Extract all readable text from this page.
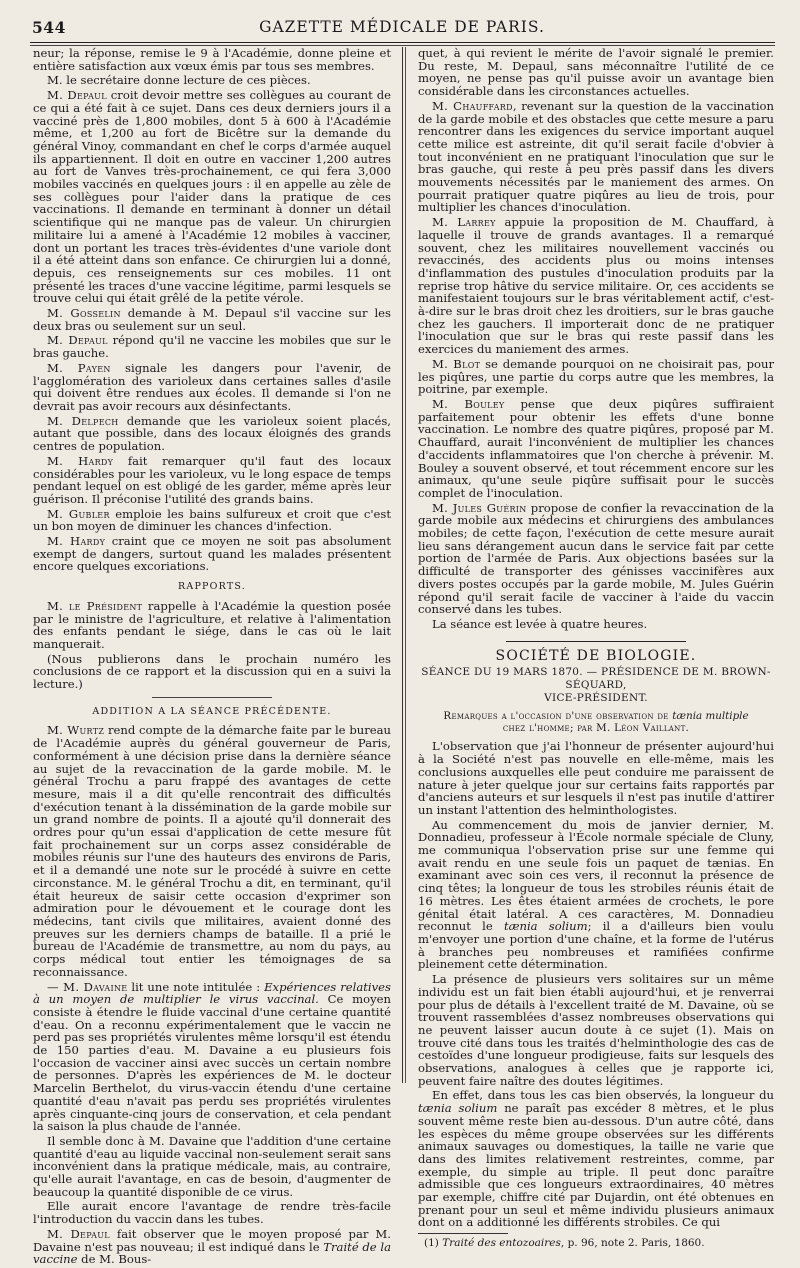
544	GAZETTE MÉDICALE DE PARIS.

neur; la réponse, remise le 9 à l'Académie, donne pleine et entière satisfaction aux vœux émis par tous ses membres.

M. le secrétaire donne lecture de ces pièces.

M. Depaul croit devoir mettre ses collègues au courant de ce qui a été fait à ce sujet. Dans ces deux derniers jours il a vacciné près de 1,800 mobiles, dont 5 à 600 à l'Académie même, et 1,200 au fort de Bicêtre sur la demande du général Vinoy, commandant en chef le corps d'armée auquel ils appartiennent. Il doit en outre en vacciner 1,200 autres au fort de Vanves très-prochainement, ce qui fera 3,000 mobiles vaccinés en quelques jours : il en appelle au zèle de ses collègues pour l'aider dans la pratique de ces vaccinations. Il demande en terminant à donner un détail scientifique qui ne manque pas de valeur. Un chirurgien militaire lui a amené à l'Académie 12 mobiles à vacciner, dont un portant les traces très-évidentes d'une variole dont il a été atteint dans son enfance. Ce chirurgien lui a donné, depuis, ces renseignements sur ces mobiles. 11 ont présenté les traces d'une vaccine légitime, parmi lesquels se trouve celui qui était grêlé de la petite vérole.

M. Gosselin demande à M. Depaul s'il vaccine sur les deux bras ou seulement sur un seul.

M. Depaul répond qu'il ne vaccine les mobiles que sur le bras gauche.

M. Payen signale les dangers pour l'avenir, de l'agglomération des varioleux dans certaines salles d'asile qui doivent être rendues aux écoles. Il demande si l'on ne devrait pas avoir recours aux désinfectants.

M. Delpech demande que les varioleux soient placés, autant que possible, dans des locaux éloignés des grands centres de population.

M. Hardy fait remarquer qu'il faut des locaux considérables pour les varioleux, vu le long espace de temps pendant lequel on est obligé de les garder, même après leur guérison. Il préconise l'utilité des grands bains.

M. Gubler emploie les bains sulfureux et croit que c'est un bon moyen de diminuer les chances d'infection.

M. Hardy craint que ce moyen ne soit pas absolument exempt de dangers, surtout quand les malades présentent encore quelques excoriations.

RAPPORTS.

M. le Président rappelle à l'Académie la question posée par le ministre de l'agriculture, et relative à l'alimentation des enfants pendant le siége, dans le cas où le lait manquerait.

(Nous publierons dans le prochain numéro les conclusions de ce rapport et la discussion qui en a suivi la lecture.)

ADDITION A LA SÉANCE PRÉCÉDENTE.

M. Wurtz rend compte de la démarche faite par le bureau de l'Académie auprès du général gouverneur de Paris, conformément à une décision prise dans la dernière séance au sujet de la revaccination de la garde mobile. M. le général Trochu a paru frappé des avantages de cette mesure, mais il a dit qu'elle rencontrait des difficultés d'exécution tenant à la dissémination de la garde mobile sur un grand nombre de points. Il a ajouté qu'il donnerait des ordres pour qu'un essai d'application de cette mesure fût fait prochainement sur un corps assez considérable de mobiles réunis sur l'une des hauteurs des environs de Paris, et il a demandé une note sur le procédé à suivre en cette circonstance. M. le général Trochu a dit, en terminant, qu'il était heureux de saisir cette occasion d'exprimer son admiration pour le dévouement et le courage dont les médecins, tant civils que militaires, avaient donné des preuves sur les derniers champs de bataille. Il a prié le bureau de l'Académie de transmettre, au nom du pays, au corps médical tout entier les témoignages de sa reconnaissance.

— M. Davaine lit une note intitulée : Expériences relatives à un moyen de multiplier le virus vaccinal. Ce moyen consiste à étendre le fluide vaccinal d'une certaine quantité d'eau. On a reconnu expérimentalement que le vaccin ne perd pas ses propriétés virulentes même lorsqu'il est étendu de 150 parties d'eau. M. Davaine a eu plusieurs fois l'occasion de vacciner ainsi avec succès un certain nombre de personnes. D'après les expériences de M. le docteur Marcelin Berthelot, du virus-vaccin étendu d'une certaine quantité d'eau n'avait pas perdu ses propriétés virulentes après cinquante-cinq jours de conservation, et cela pendant la saison la plus chaude de l'année.

Il semble donc à M. Davaine que l'addition d'une certaine quantité d'eau au liquide vaccinal non-seulement serait sans inconvénient dans la pratique médicale, mais, au contraire, qu'elle aurait l'avantage, en cas de besoin, d'augmenter de beaucoup la quantité disponible de ce virus.

Elle aurait encore l'avantage de rendre très-facile l'introduction du vaccin dans les tubes.

M. Depaul fait observer que le moyen proposé par M. Davaine n'est pas nouveau; il est indiqué dans le Traité de la vaccine de M. Bous-

quet, à qui revient le mérite de l'avoir signalé le premier. Du reste, M. Depaul, sans méconnaître l'utilité de ce moyen, ne pense pas qu'il puisse avoir un avantage bien considérable dans les circonstances actuelles.

M. Chauffard, revenant sur la question de la vaccination de la garde mobile et des obstacles que cette mesure a paru rencontrer dans les exigences du service important auquel cette milice est astreinte, dit qu'il serait facile d'obvier à tout inconvénient en ne pratiquant l'inoculation que sur le bras gauche, qui reste à peu près passif dans les divers mouvements nécessités par le maniement des armes. On pourrait pratiquer quatre piqûres au lieu de trois, pour multiplier les chances d'inoculation.

M. Larrey appuie la proposition de M. Chauffard, à laquelle il trouve de grands avantages. Il a remarqué souvent, chez les militaires nouvellement vaccinés ou revaccinés, des accidents plus ou moins intenses d'inflammation des pustules d'inoculation produits par la reprise trop hâtive du service militaire. Or, ces accidents se manifestaient toujours sur le bras véritablement actif, c'est-à-dire sur le bras droit chez les droitiers, sur le bras gauche chez les gauchers. Il importerait donc de ne pratiquer l'inoculation que sur le bras qui reste passif dans les exercices du maniement des armes.

M. Blot se demande pourquoi on ne choisirait pas, pour les piqûres, une partie du corps autre que les membres, la poitrine, par exemple.

M. Bouley pense que deux piqûres suffiraient parfaitement pour obtenir les effets d'une bonne vaccination. Le nombre des quatre piqûres, proposé par M. Chauffard, aurait l'inconvénient de multiplier les chances d'accidents inflammatoires que l'on cherche à prévenir. M. Bouley a souvent observé, et tout récemment encore sur les animaux, qu'une seule piqûre suffisait pour le succès complet de l'inoculation.

M. Jules Guérin propose de confier la revaccination de la garde mobile aux médecins et chirurgiens des ambulances mobiles; de cette façon, l'exécution de cette mesure aurait lieu sans dérangement aucun dans le service fait par cette portion de l'armée de Paris. Aux objections basées sur la difficulté de transporter des génisses vaccinifères aux divers postes occupés par la garde mobile, M. Jules Guérin répond qu'il serait facile de vacciner à l'aide du vaccin conservé dans les tubes.

La séance est levée à quatre heures.

SOCIÉTÉ DE BIOLOGIE.

SÉANCE DU 19 MARS 1870. — PRÉSIDENCE DE M. BROWN-SÉQUARD,

VICE-PRÉSIDENT.

Remarques a l'occasion d'une observation de tænia multiple
chez l'homme; par M. Léon Vaillant.

L'observation que j'ai l'honneur de présenter aujourd'hui à la Société n'est pas nouvelle en elle-même, mais les conclusions auxquelles elle peut conduire me paraissent de nature à jeter quelque jour sur certains faits rapportés par d'anciens auteurs et sur lesquels il n'est pas inutile d'attirer un instant l'attention des helminthologistes.

Au commencement du mois de janvier dernier, M. Donnadieu, professeur à l'École normale spéciale de Cluny, me communiqua l'observation prise sur une femme qui avait rendu en une seule fois un paquet de tænias. En examinant avec soin ces vers, il reconnut la présence de cinq têtes; la longueur de tous les strobiles réunis était de 16 mètres. Les êtes étaient armées de crochets, le pore génital était latéral. A ces caractères, M. Donnadieu reconnut le tænia solium; il a d'ailleurs bien voulu m'envoyer une portion d'une chaîne, et la forme de l'utérus à branches peu nombreuses et ramifiées confirme pleinement cette détermination.

La présence de plusieurs vers solitaires sur un même individu est un fait bien établi aujourd'hui, et je renverrai pour plus de détails à l'excellent traité de M. Davaine, où se trouvent rassemblées d'assez nombreuses observations qui ne peuvent laisser aucun doute à ce sujet (1). Mais on trouve cité dans tous les traités d'helminthologie des cas de cestoïdes d'une longueur prodigieuse, faits sur lesquels des observations, analogues à celles que je rapporte ici, peuvent faire naître des doutes légitimes.

En effet, dans tous les cas bien observés, la longueur du tænia solium ne paraît pas excéder 8 mètres, et le plus souvent même reste bien au-dessous. D'un autre côté, dans les espèces du même groupe observées sur les différents animaux sauvages ou domestiques, la taille ne varie que dans des limites relativement restreintes, comme, par exemple, du simple au triple. Il peut donc paraître admissible que ces longueurs extraordinaires, 40 mètres par exemple, chiffre cité par Dujardin, ont été obtenues en prenant pour un seul et même individu plusieurs animaux dont on a additionné les différents strobiles. Ce qui

(1) Traité des entozoaires, p. 96, note 2. Paris, 1860.
